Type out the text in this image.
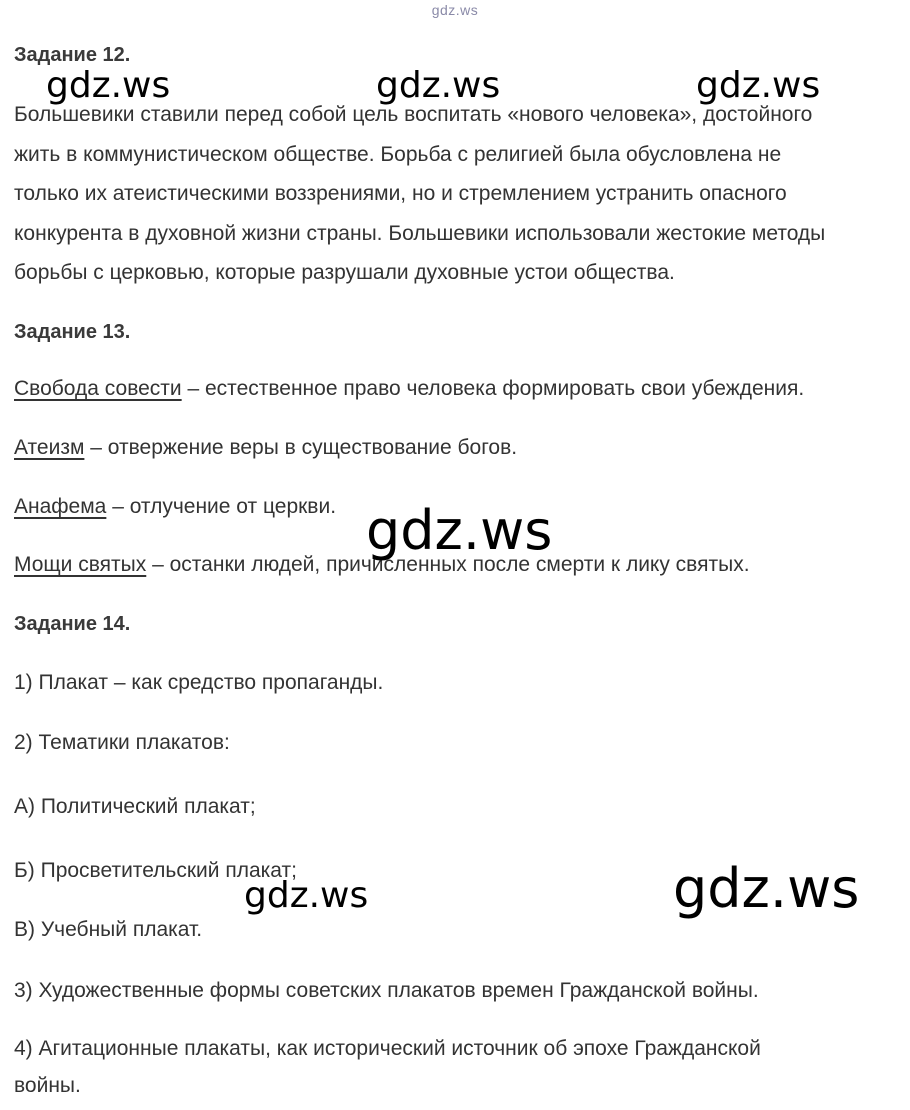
gdz.ws
Задание 12.
Большевики ставили перед собой цель воспитать «нового человека», достойного
жить в коммунистическом обществе. Борьба с религией была обусловлена не
только их атеистическими воззрениями, но и стремлением устранить опасного
конкурента в духовной жизни страны. Большевики использовали жестокие методы
борьбы с церковью, которые разрушали духовные устои общества.
Задание 13.
Свобода совести – естественное право человека формировать свои убеждения.
Атеизм – отвержение веры в существование богов.
Анафема – отлучение от церкви.
Мощи святых – останки людей, причисленных после смерти к лику святых.
Задание 14.
1) Плакат – как средство пропаганды.
2) Тематики плакатов:
А) Политический плакат;
Б) Просветительский плакат;
В) Учебный плакат.
3) Художественные формы советских плакатов времен Гражданской войны.
4) Агитационные плакаты, как исторический источник об эпохе Гражданской
войны.
gdz.ws	gdz.ws	gdz.ws
gdz.ws
gdz.ws	gdz.ws
